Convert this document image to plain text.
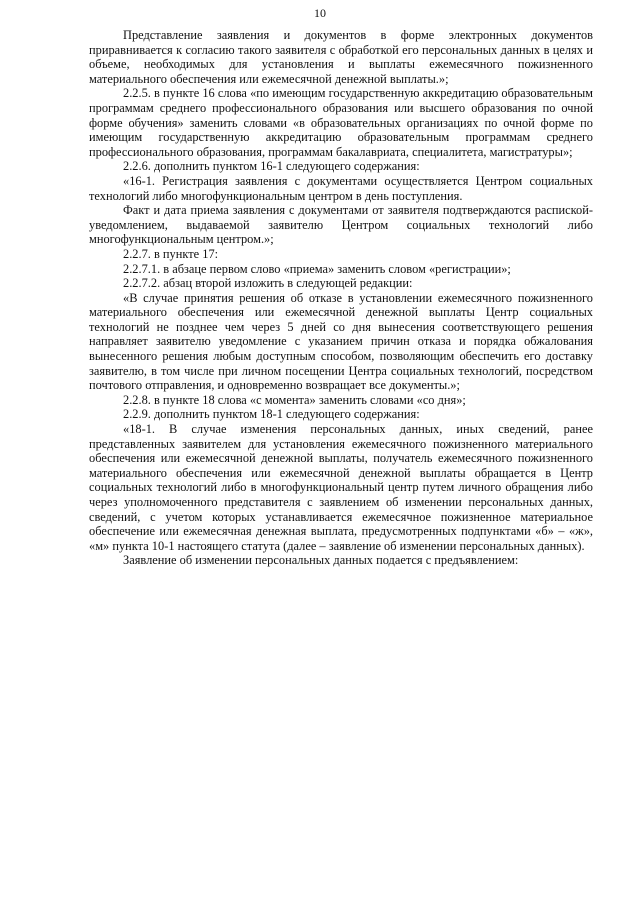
10

Представление заявления и документов в форме электронных документов приравнивается к согласию такого заявителя с обработкой его персональных данных в целях и объеме, необходимых для установления и выплаты ежемесячного пожизненного материального обеспечения или ежемесячной денежной выплаты.»;

2.2.5. в пункте 16 слова «по имеющим государственную аккредитацию образовательным программам среднего профессионального образования или высшего образования по очной форме обучения» заменить словами «в образовательных организациях по очной форме по имеющим государственную аккредитацию образовательным программам среднего профессионального образования, программам бакалавриата, специалитета, магистратуры»;

2.2.6. дополнить пунктом 16-1 следующего содержания:

«16-1. Регистрация заявления с документами осуществляется Центром социальных технологий либо многофункциональным центром в день поступления.

Факт и дата приема заявления с документами от заявителя подтверждаются распиской-уведомлением, выдаваемой заявителю Центром социальных технологий либо многофункциональным центром.»;

2.2.7. в пункте 17:

2.2.7.1. в абзаце первом слово «приема» заменить словом «регистрации»;

2.2.7.2. абзац второй изложить в следующей редакции:

«В случае принятия решения об отказе в установлении ежемесячного пожизненного материального обеспечения или ежемесячной денежной выплаты Центр социальных технологий не позднее чем через 5 дней со дня вынесения соответствующего решения направляет заявителю уведомление с указанием причин отказа и порядка обжалования вынесенного решения любым доступным способом, позволяющим обеспечить его доставку заявителю, в том числе при личном посещении Центра социальных технологий, посредством почтового отправления, и одновременно возвращает все документы.»;

2.2.8. в пункте 18 слова «с момента» заменить словами «со дня»;

2.2.9. дополнить пунктом 18-1 следующего содержания:

«18-1. В случае изменения персональных данных, иных сведений, ранее представленных заявителем для установления ежемесячного пожизненного материального обеспечения или ежемесячной денежной выплаты, получатель ежемесячного пожизненного материального обеспечения или ежемесячной денежной выплаты обращается в Центр социальных технологий либо в многофункциональный центр путем личного обращения либо через уполномоченного представителя с заявлением об изменении персональных данных, сведений, с учетом которых устанавливается ежемесячное пожизненное материальное обеспечение или ежемесячная денежная выплата, предусмотренных подпунктами «б» – «ж», «м» пункта 10-1 настоящего статута (далее – заявление об изменении персональных данных).

Заявление об изменении персональных данных подается с предъявлением:
